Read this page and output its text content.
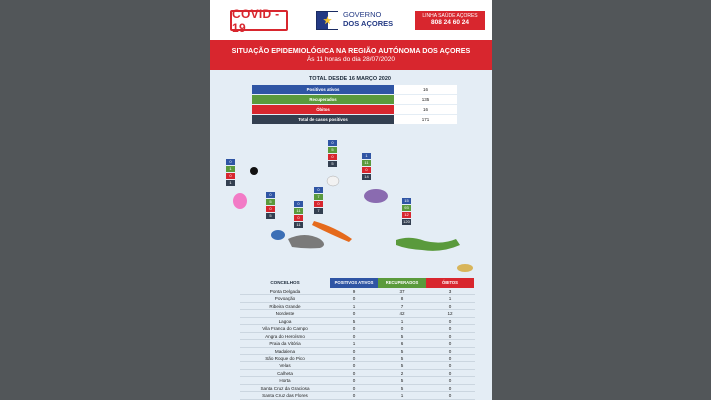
COVID - 19
GOVERNO
DOS AÇORES
LINHA SAÚDE AÇORES
808 24 60 24
SITUAÇÃO EPIDEMIOLÓGICA NA REGIÃO AUTÓNOMA DOS AÇORES
Às 11 horas do dia 28/07/2020
TOTAL DESDE 16 MARÇO 2020
Positivos ativos	16
Recuperados	135
Óbitos	16
Total de casos positivos	171
0
1
0
1
0
5
0
5
0
11
0
11
0
7
0
7
0
5
0
5
1
11
0
14
15
93
12
120
CONCELHOS	POSITIVOS ATIVOS	RECUPERADOS	ÓBITOS
Ponta Delgada	9	37	3
Povoação	0	8	1
Ribeira Grande	1	7	0
Nordeste	0	42	12
Lagoa	5	1	0
Vila Franca do Campo	0	0	0
Angra do Heroísmo	0	5	0
Praia da Vitória	1	6	0
Madalena	0	5	0
São Roque do Pico	0	5	0
Velas	0	5	0
Calheta	0	2	0
Horta	0	5	0
Santa Cruz da Graciosa	0	5	0
Santa Cruz das Flores	0	1	0
